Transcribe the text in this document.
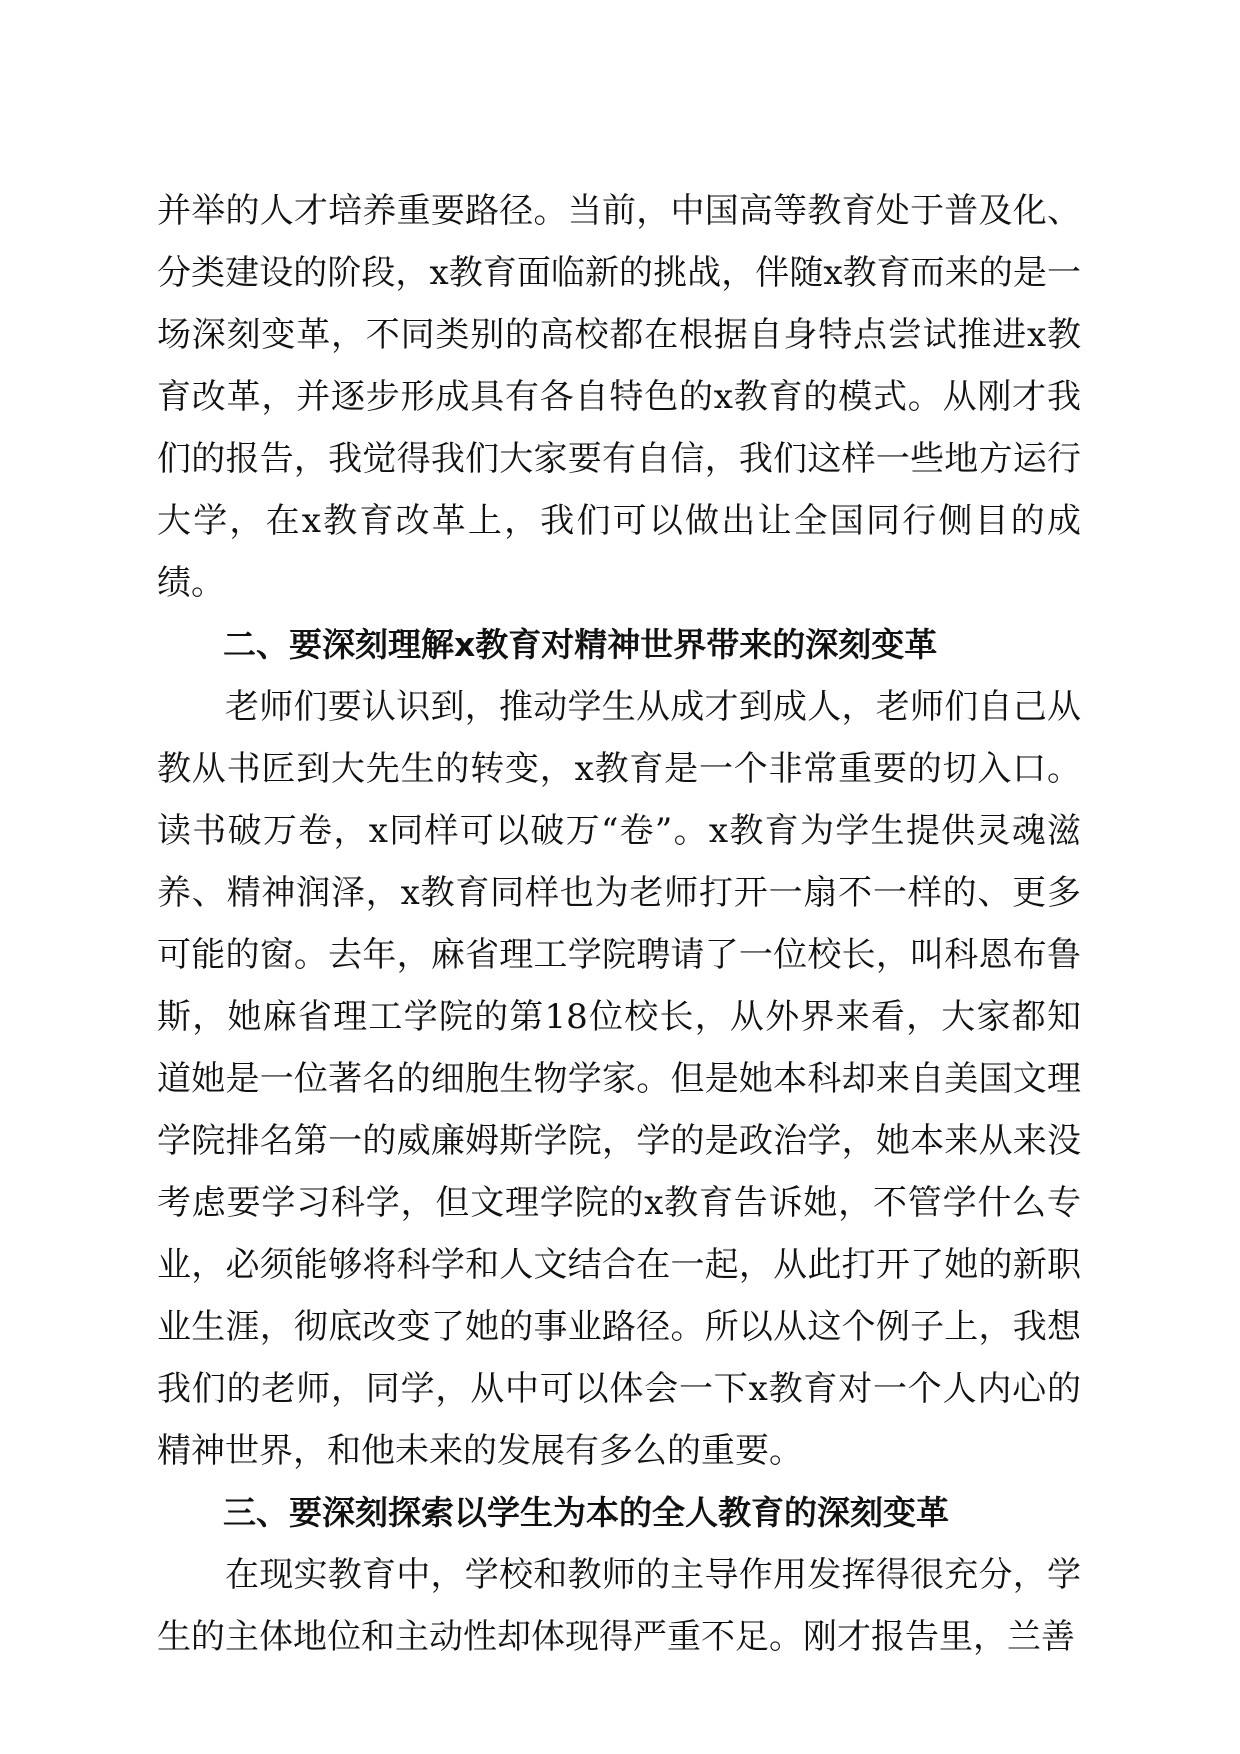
并举的人才培养重要路径。当前，中国高等教育处于普及化、分类建设的阶段，x教育面临新的挑战，伴随x教育而来的是一场深刻变革，不同类别的高校都在根据自身特点尝试推进x教育改革，并逐步形成具有各自特色的x教育的模式。从刚才我们的报告，我觉得我们大家要有自信，我们这样一些地方运行大学，在x教育改革上，我们可以做出让全国同行侧目的成绩。

二、要深刻理解x教育对精神世界带来的深刻变革

老师们要认识到，推动学生从成才到成人，老师们自己从教从书匠到大先生的转变，x教育是一个非常重要的切入口。读书破万卷，x同样可以破万“卷”。x教育为学生提供灵魂滋养、精神润泽，x教育同样也为老师打开一扇不一样的、更多可能的窗。去年，麻省理工学院聘请了一位校长，叫科恩布鲁斯，她麻省理工学院的第18位校长，从外界来看，大家都知道她是一位著名的细胞生物学家。但是她本科却来自美国文理学院排名第一的威廉姆斯学院，学的是政治学，她本来从来没考虑要学习科学，但文理学院的x教育告诉她，不管学什么专业，必须能够将科学和人文结合在一起，从此打开了她的新职业生涯，彻底改变了她的事业路径。所以从这个例子上，我想我们的老师，同学，从中可以体会一下x教育对一个人内心的精神世界，和他未来的发展有多么的重要。

三、要深刻探索以学生为本的全人教育的深刻变革

在现实教育中，学校和教师的主导作用发挥得很充分，学生的主体地位和主动性却体现得严重不足。刚才报告里，兰善
